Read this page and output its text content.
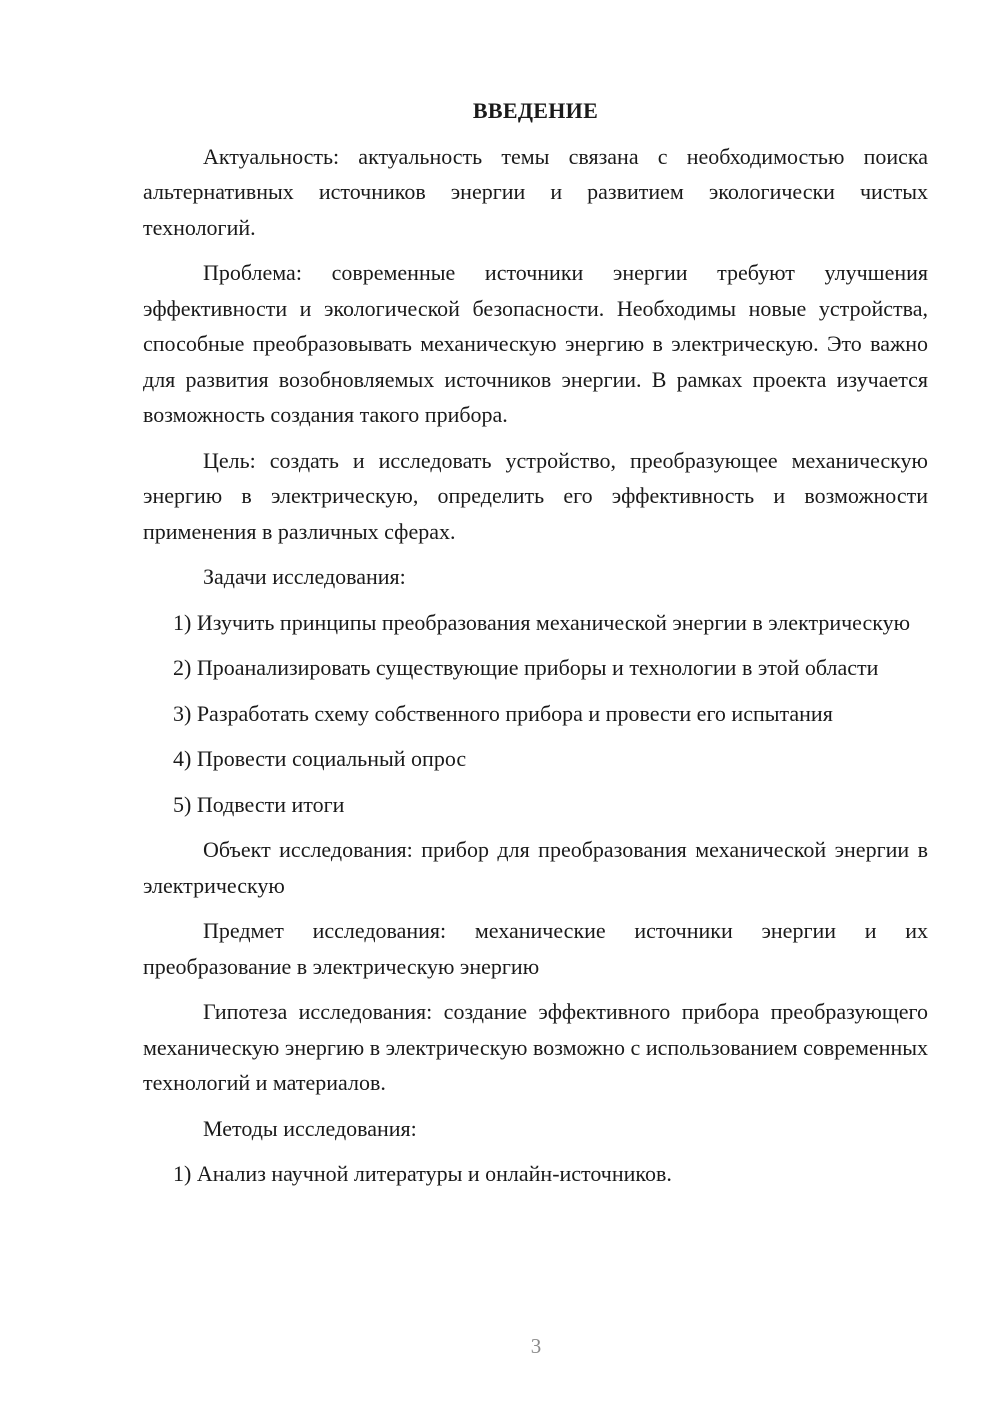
ВВЕДЕНИЕ

Актуальность: актуальность темы связана с необходимостью поиска альтернативных источников энергии и развитием экологически чистых технологий.

Проблема: современные источники энергии требуют улучшения эффективности и экологической безопасности. Необходимы новые устройства, способные преобразовывать механическую энергию в электрическую. Это важно для развития возобновляемых источников энергии. В рамках проекта изучается возможность создания такого прибора.

Цель: создать и исследовать устройство, преобразующее механическую энергию в электрическую, определить его эффективность и возможности применения в различных сферах.

Задачи исследования:

1) Изучить принципы преобразования механической энергии в электрическую

2) Проанализировать существующие приборы и технологии в этой области

3) Разработать схему собственного прибора и провести его испытания

4) Провести социальный опрос

5) Подвести итоги

Объект исследования: прибор для преобразования механической энергии в электрическую

Предмет исследования: механические источники энергии и их преобразование в электрическую энергию

Гипотеза исследования: создание эффективного прибора преобразующего механическую энергию в электрическую возможно с использованием современных технологий и материалов.

Методы исследования:

1) Анализ научной литературы и онлайн-источников.

3
